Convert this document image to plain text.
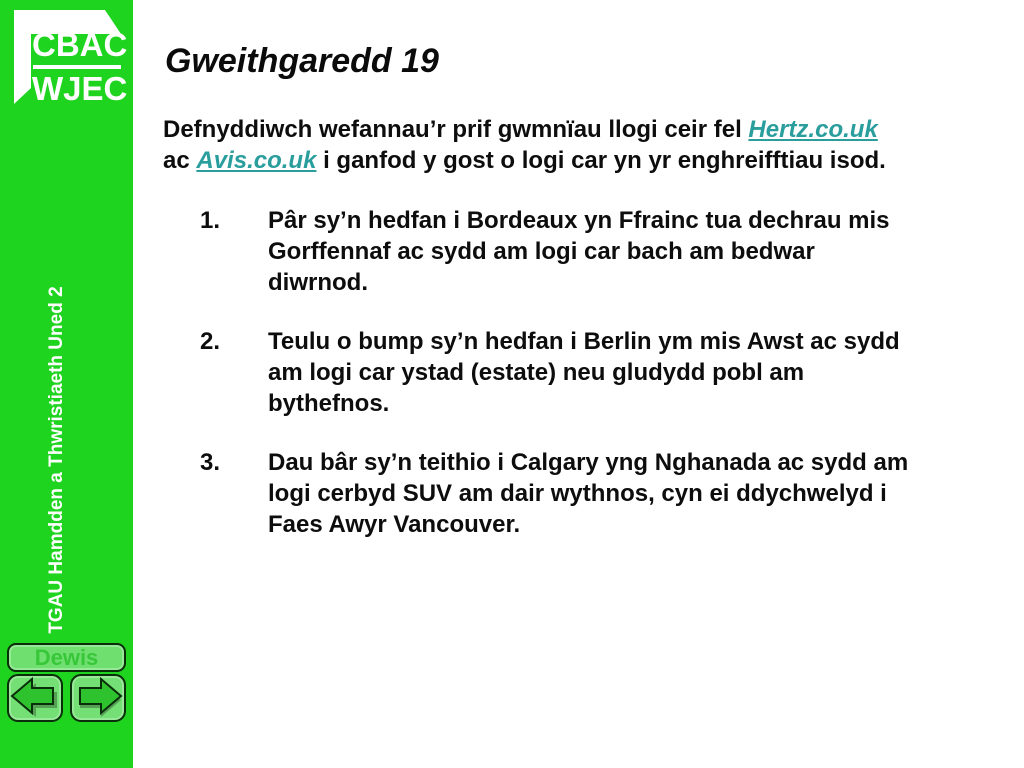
CBAC
WJEC
TGAU Hamdden a Thwristiaeth Uned 2
Dewis
Gweithgaredd 19

Defnyddiwch wefannau’r prif gwmnïau llogi ceir fel Hertz.co.uk
ac Avis.co.uk i ganfod y gost o logi car yn yr enghreifftiau isod.

1.	Pâr sy’n hedfan i Bordeaux yn Ffrainc tua dechrau mis
Gorffennaf ac sydd am logi car bach am bedwar
diwrnod.
2.	Teulu o bump sy’n hedfan i Berlin ym mis Awst ac sydd
am logi car ystad (estate) neu gludydd pobl am
bythefnos.
3.	Dau bâr sy’n teithio i Calgary yng Nghanada ac sydd am
logi cerbyd SUV am dair wythnos, cyn ei ddychwelyd i
Faes Awyr Vancouver.
